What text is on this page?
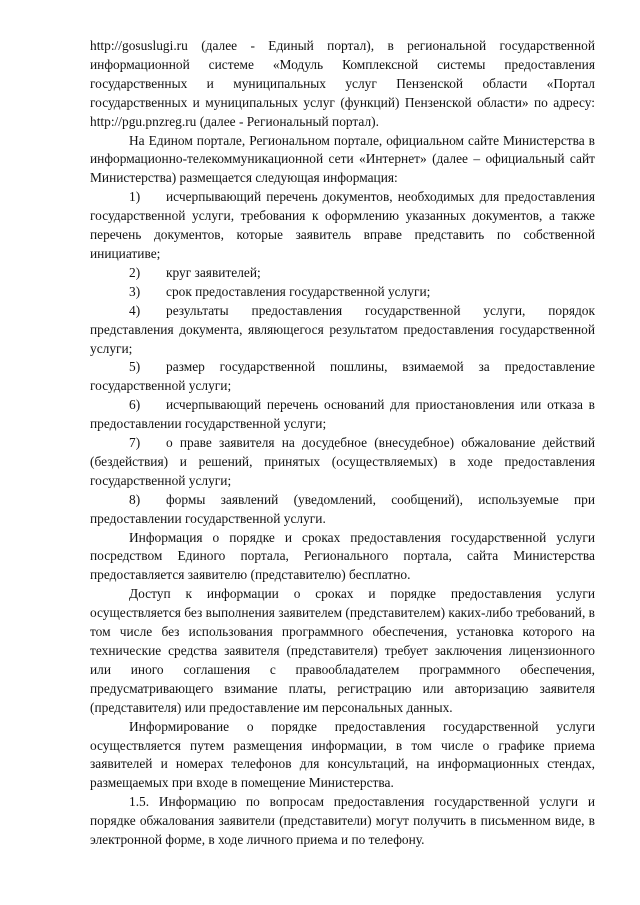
http://gosuslugi.ru (далее - Единый портал), в региональной государственной информационной системе «Модуль Комплексной системы предоставления государственных и муниципальных услуг Пензенской области «Портал государственных и муниципальных услуг (функций) Пензенской области» по адресу: http://pgu.pnzreg.ru (далее - Региональный портал).

На Едином портале, Региональном портале, официальном сайте Министерства в информационно-телекоммуникационной сети «Интернет» (далее – официальный сайт Министерства) размещается следующая информация:

1) исчерпывающий перечень документов, необходимых для предоставления государственной услуги, требования к оформлению указанных документов, а также перечень документов, которые заявитель вправе представить по собственной инициативе;

2) круг заявителей;

3) срок предоставления государственной услуги;

4) результаты предоставления государственной услуги, порядок представления документа, являющегося результатом предоставления государственной услуги;

5) размер государственной пошлины, взимаемой за предоставление государственной услуги;

6) исчерпывающий перечень оснований для приостановления или отказа в предоставлении государственной услуги;

7) о праве заявителя на досудебное (внесудебное) обжалование действий (бездействия) и решений, принятых (осуществляемых) в ходе предоставления государственной услуги;

8) формы заявлений (уведомлений, сообщений), используемые при предоставлении государственной услуги.

Информация о порядке и сроках предоставления государственной услуги посредством Единого портала, Регионального портала, сайта Министерства предоставляется заявителю (представителю) бесплатно.

Доступ к информации о сроках и порядке предоставления услуги осуществляется без выполнения заявителем (представителем) каких-либо требований, в том числе без использования программного обеспечения, установка которого на технические средства заявителя (представителя) требует заключения лицензионного или иного соглашения с правообладателем программного обеспечения, предусматривающего взимание платы, регистрацию или авторизацию заявителя (представителя) или предоставление им персональных данных.

Информирование о порядке предоставления государственной услуги осуществляется путем размещения информации, в том числе о графике приема заявителей и номерах телефонов для консультаций, на информационных стендах, размещаемых при входе в помещение Министерства.

1.5. Информацию по вопросам предоставления государственной услуги и порядке обжалования заявители (представители) могут получить в письменном виде, в электронной форме, в ходе личного приема и по телефону.
